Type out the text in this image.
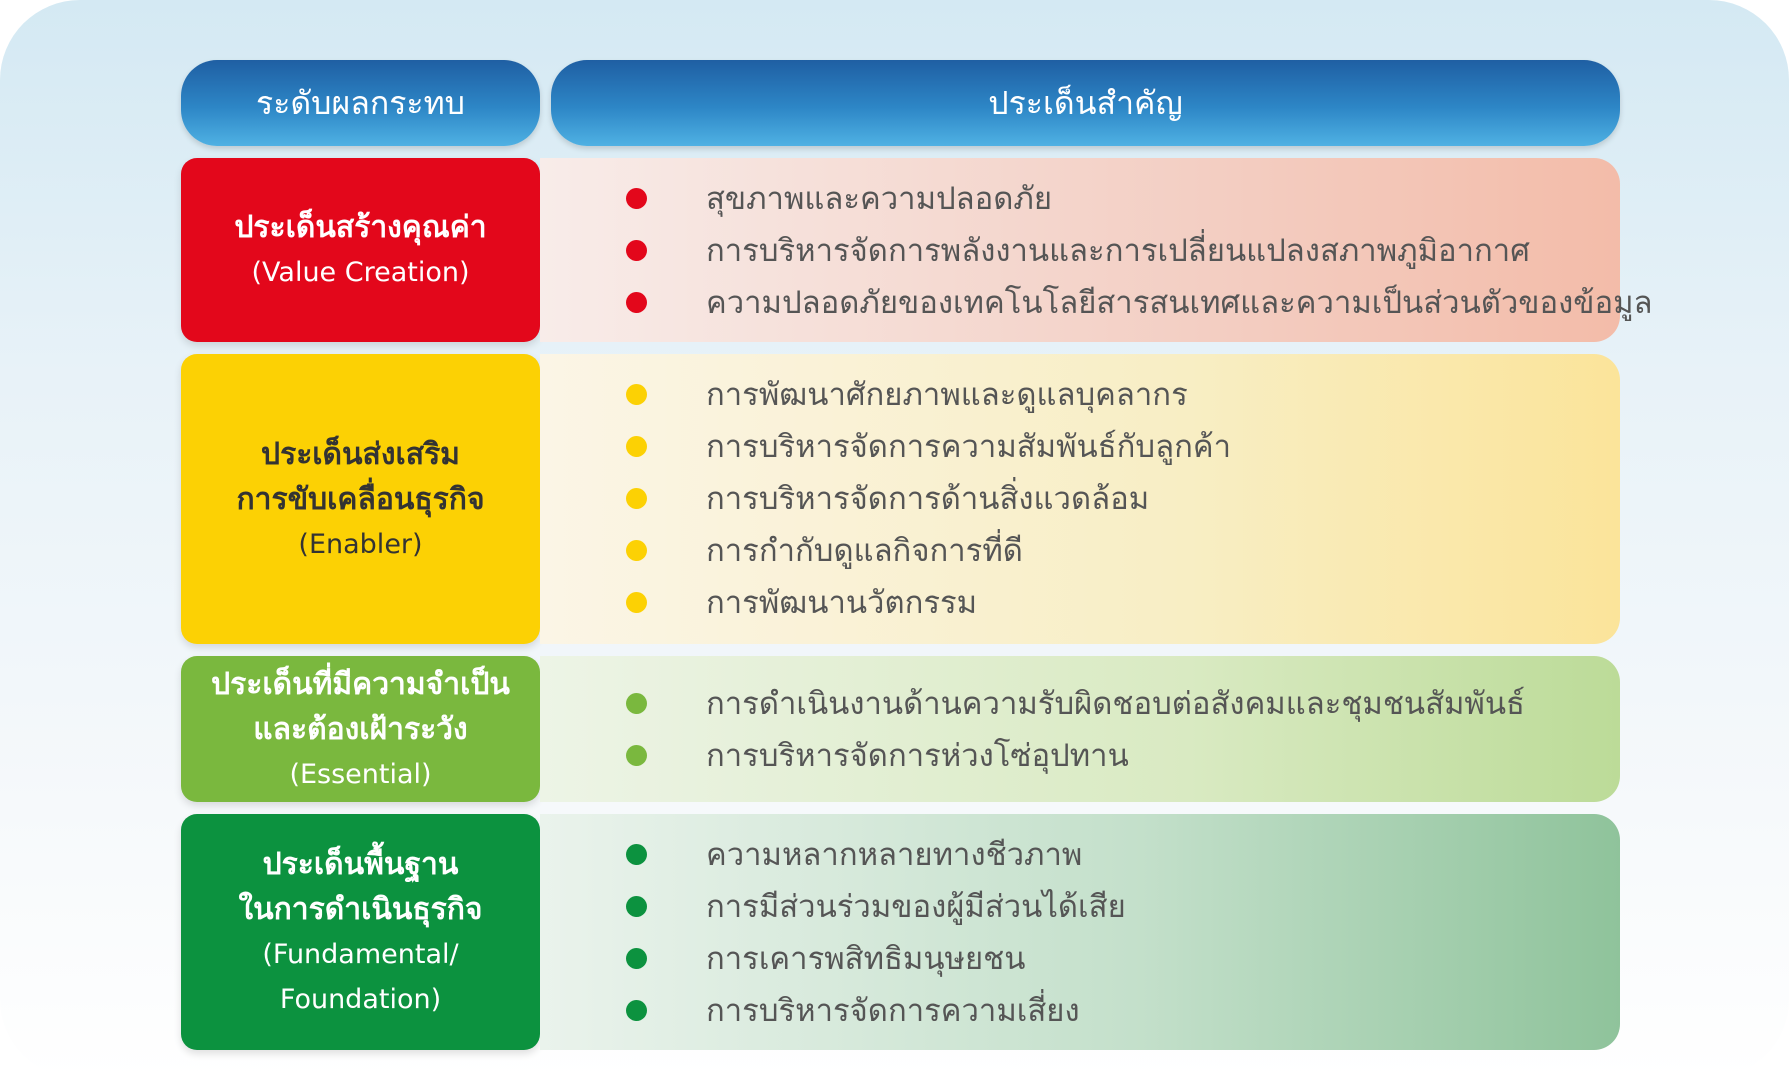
ระดับผลกระทบ	ประเด็นสำคัญ
ประเด็นสร้างคุณค่า
(Value Creation)
สุขภาพและความปลอดภัย
การบริหารจัดการพลังงานและการเปลี่ยนแปลงสภาพภูมิอากาศ
ความปลอดภัยของเทคโนโลยีสารสนเทศและความเป็นส่วนตัวของข้อมูล
ประเด็นส่งเสริม
การขับเคลื่อนธุรกิจ
(Enabler)
การพัฒนาศักยภาพและดูแลบุคลากร
การบริหารจัดการความสัมพันธ์กับลูกค้า
การบริหารจัดการด้านสิ่งแวดล้อม
การกำกับดูแลกิจการที่ดี
การพัฒนานวัตกรรม
ประเด็นที่มีความจำเป็น
และต้องเฝ้าระวัง
(Essential)
การดำเนินงานด้านความรับผิดชอบต่อสังคมและชุมชนสัมพันธ์
การบริหารจัดการห่วงโซ่อุปทาน
ประเด็นพื้นฐาน
ในการดำเนินธุรกิจ
(Fundamental/
Foundation)
ความหลากหลายทางชีวภาพ
การมีส่วนร่วมของผู้มีส่วนได้เสีย
การเคารพสิทธิมนุษยชน
การบริหารจัดการความเสี่ยง
